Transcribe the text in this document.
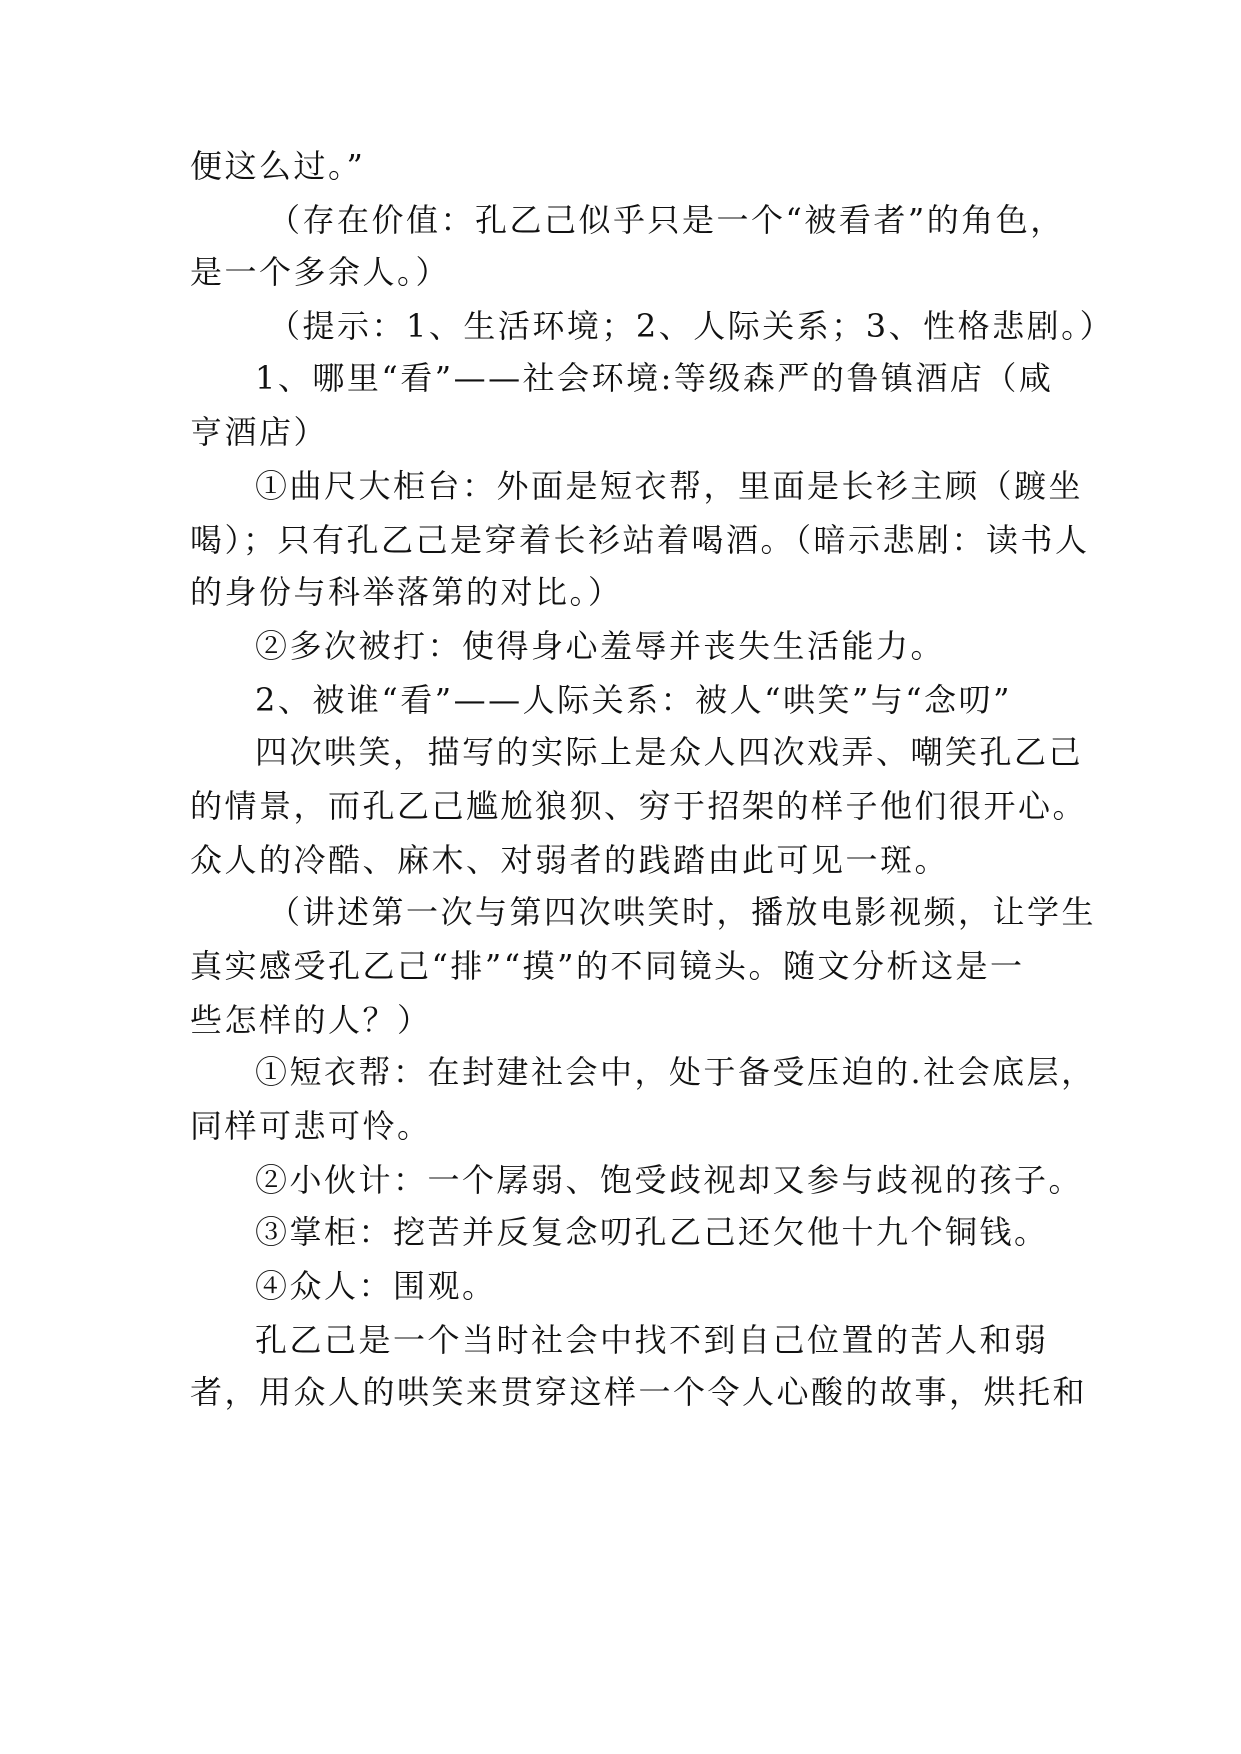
便这么过。”

（存在价值：孔乙己似乎只是一个“被看者”的角色，

是一个多余人。）

（提示：1、生活环境；2、人际关系；3、性格悲剧。）

1、哪里“看”——社会环境:等级森严的鲁镇酒店（咸

亨酒店）

①曲尺大柜台：外面是短衣帮，里面是长衫主顾（踱坐

喝）；只有孔乙己是穿着长衫站着喝酒。（暗示悲剧：读书人

的身份与科举落第的对比。）

②多次被打：使得身心羞辱并丧失生活能力。

2、被谁“看”——人际关系：被人“哄笑”与“念叨”

四次哄笑，描写的实际上是众人四次戏弄、嘲笑孔乙己

的情景，而孔乙己尴尬狼狈、穷于招架的样子他们很开心。

众人的冷酷、麻木、对弱者的践踏由此可见一斑。

（讲述第一次与第四次哄笑时，播放电影视频，让学生

真实感受孔乙己“排”“摸”的不同镜头。随文分析这是一

些怎样的人？）

①短衣帮：在封建社会中，处于备受压迫的.社会底层，

同样可悲可怜。

②小伙计：一个孱弱、饱受歧视却又参与歧视的孩子。

③掌柜：挖苦并反复念叨孔乙己还欠他十九个铜钱。

④众人：围观。

孔乙己是一个当时社会中找不到自己位置的苦人和弱

者，用众人的哄笑来贯穿这样一个令人心酸的故事，烘托和
